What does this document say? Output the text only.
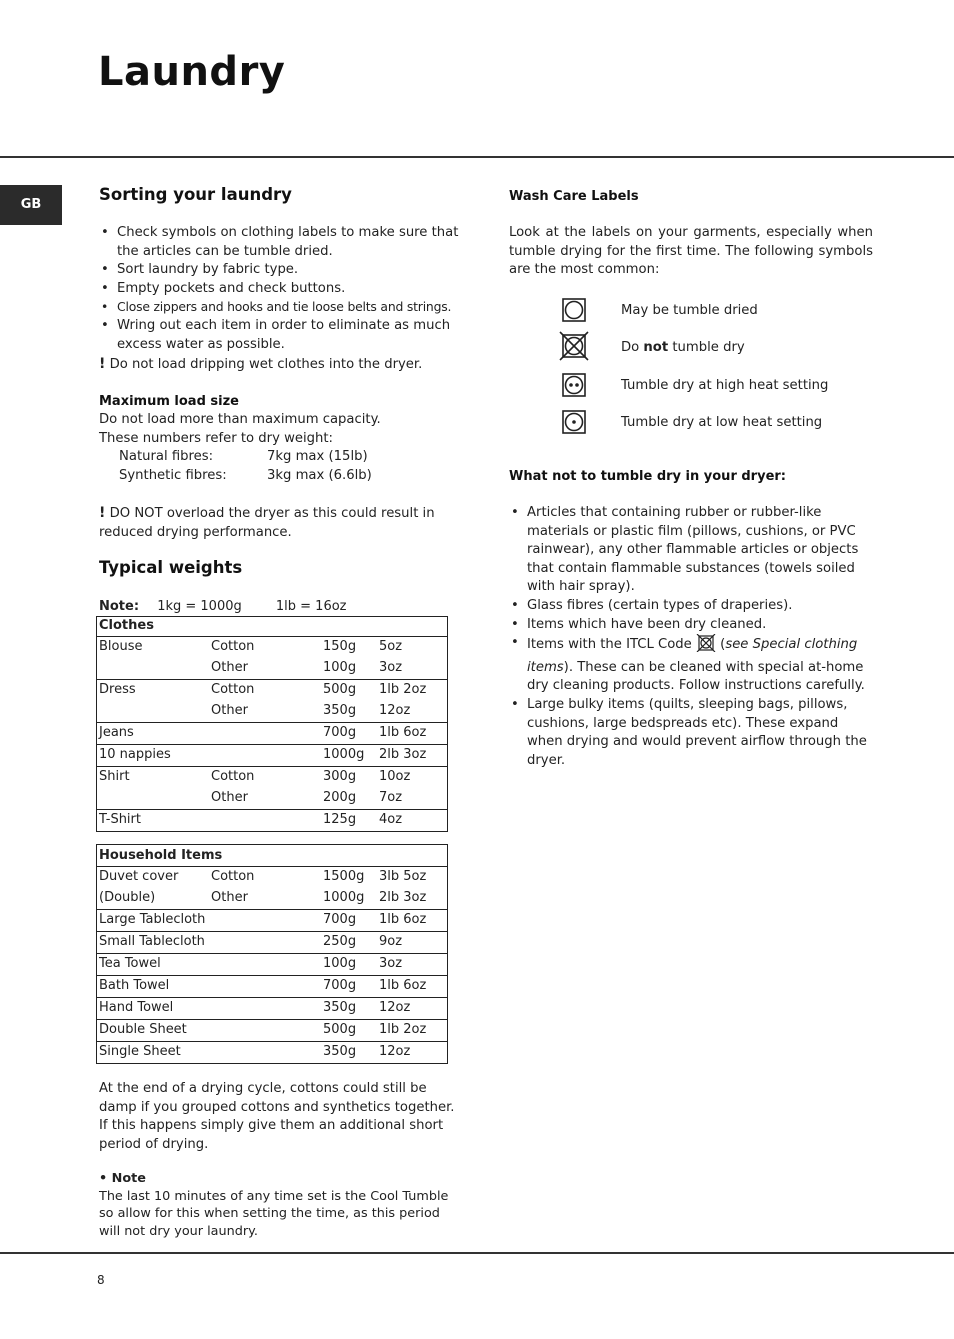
Laundry
GB
Sorting your laundry
• Check symbols on clothing labels to make sure that the articles can be tumble dried.
• Sort laundry by fabric type.
• Empty pockets and check buttons.
• Close zippers and hooks and tie loose belts and strings.
• Wring out each item in order to eliminate as much excess water as possible.
! Do not load dripping wet clothes into the dryer.
Maximum load size

Do not load more than maximum capacity.

These numbers refer to dry weight:

Natural fibres:	7kg max (15lb)
Synthetic fibres:	3kg max (6.6lb)
! DO NOT overload the dryer as this could result in reduced drying performance.
Typical weights
Note: 1kg = 1000g	1lb = 16oz
Clothes			
Blouse	Cotton	150g	5oz
	Other	100g	3oz
Dress	Cotton	500g	1lb 2oz
	Other	350g	12oz
Jeans		700g	1lb 6oz
10 nappies		1000g	2lb 3oz
Shirt	Cotton	300g	10oz
	Other	200g	7oz
T-Shirt		125g	4oz
Household Items			
Duvet cover	Cotton	1500g	3lb 5oz
(Double)	Other	1000g	2lb 3oz
Large Tablecloth		700g	1lb 6oz
Small Tablecloth		250g	9oz
Tea Towel		100g	3oz
Bath Towel		700g	1lb 6oz
Hand Towel		350g	12oz
Double Sheet		500g	1lb 2oz
Single Sheet		350g	12oz

At the end of a drying cycle, cottons could still be damp if you grouped cottons and synthetics together. If this happens simply give them an additional short period of drying.

• Note

The last 10 minutes of any time set is the Cool Tumble so allow for this when setting the time, as this period will not dry your laundry.

Wash Care Labels

Look at the labels on your garments, especially when tumble drying for the first time. The following symbols are the most common:

May be tumble dried
Do not tumble dry
Tumble dry at high heat setting
Tumble dry at low heat setting
What not to tumble dry in your dryer:
• Articles that containing rubber or rubber-like materials or plastic film (pillows, cushions, or PVC rainwear), any other flammable articles or objects that contain flammable substances (towels soiled with hair spray).
• Glass fibres (certain types of draperies).
• Items which have been dry cleaned.
• Items with the ITCL Code  (see Special clothing items). These can be cleaned with special at-home dry cleaning products. Follow instructions carefully.
• Large bulky items (quilts, sleeping bags, pillows, cushions, large bedspreads etc). These expand when drying and would prevent airflow through the dryer.
8
